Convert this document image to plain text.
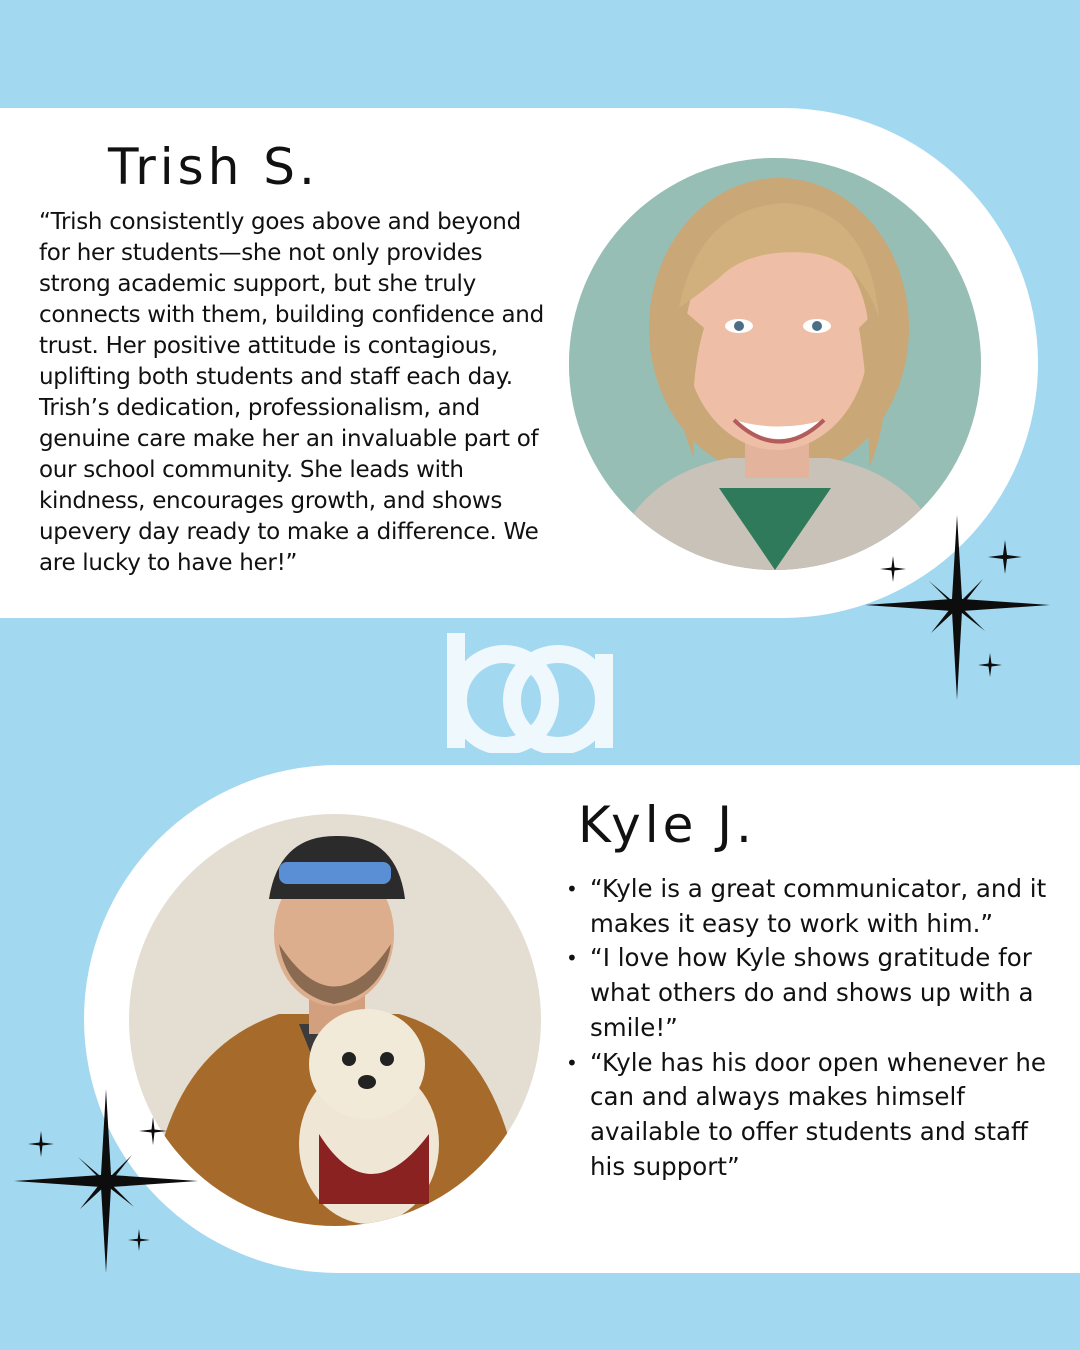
Trish S.

“Trish consistently goes above and beyond for her students—she not only provides strong academic support, but she truly connects with them, building confidence and trust. Her positive attitude is contagious, uplifting both students and staff each day. Trish’s dedication, professionalism, and genuine care make her an invaluable part of our school community. She leads with kindness, encourages growth, and shows upevery day ready to make a difference. We are lucky to have her!”

Kyle J.
• “Kyle is a great communicator, and it makes it easy to work with him.”
• “I love how Kyle shows gratitude for what others do and shows up with a smile!”
• “Kyle has his door open whenever he can and always makes himself available to offer students and staff his support”
